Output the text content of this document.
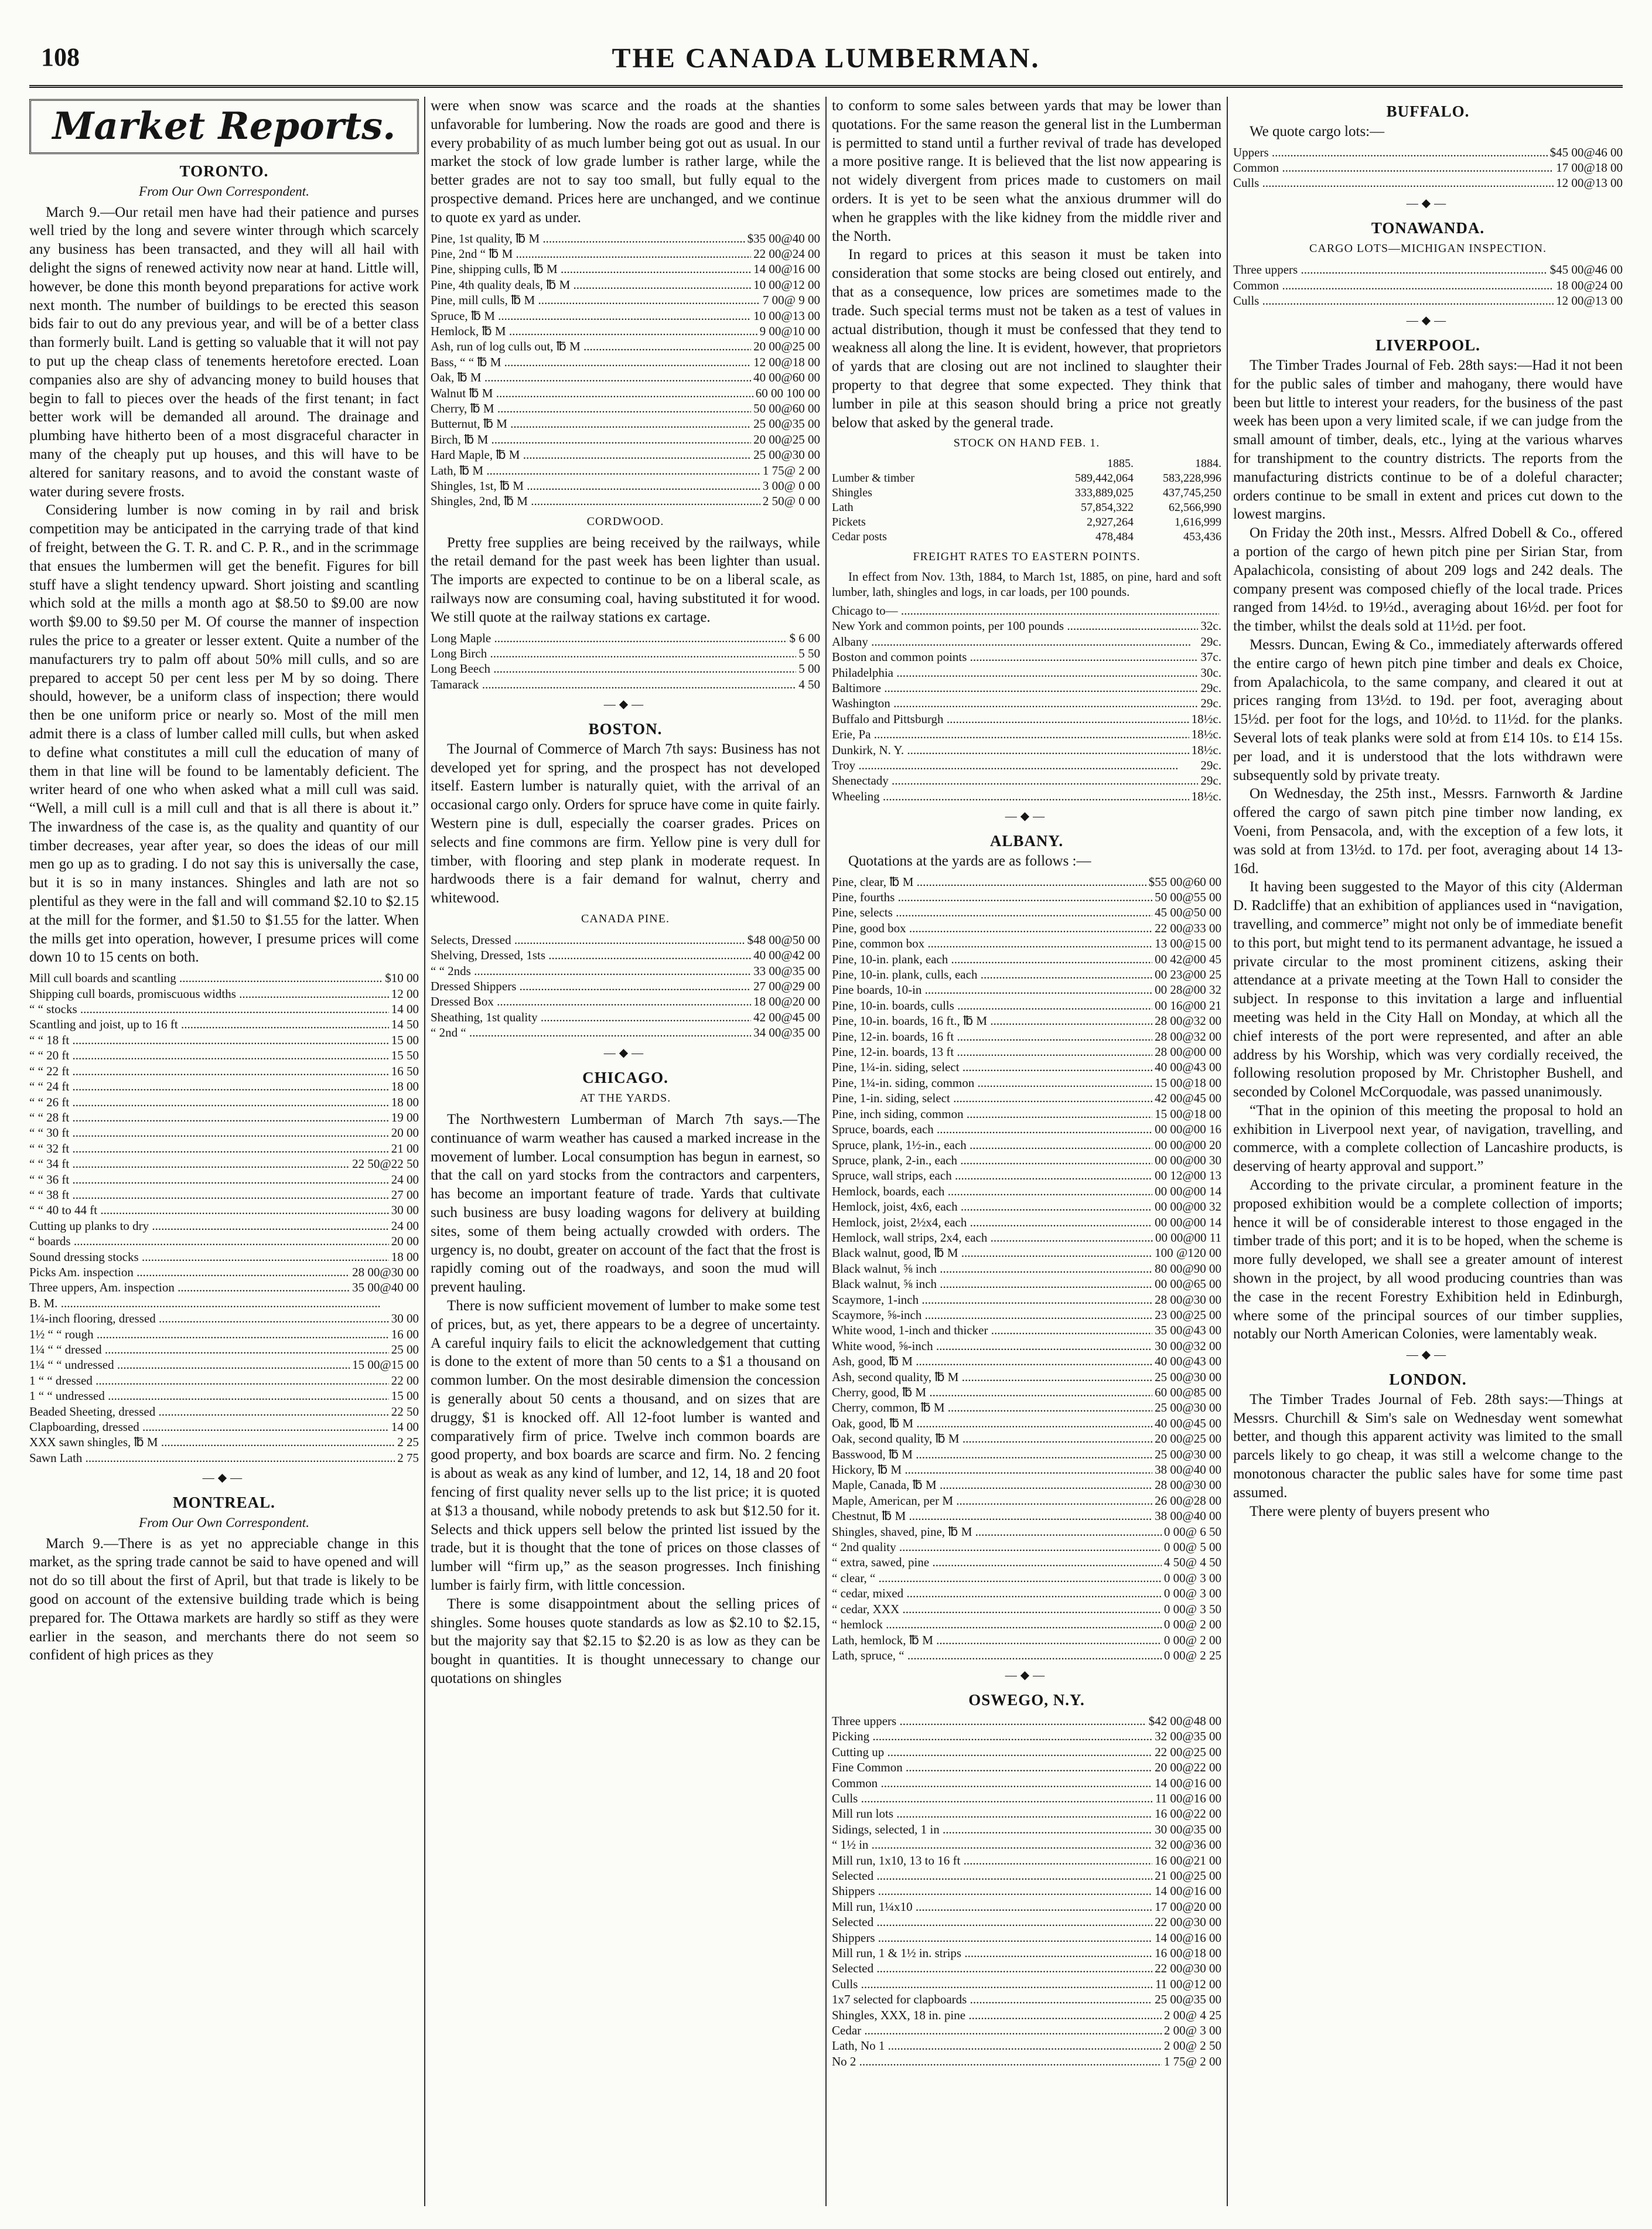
108	THE CANADA LUMBERMAN.
Market Reports.
TORONTO.
From Our Own Correspondent.

March 9.—Our retail men have had their patience and purses well tried by the long and severe winter through which scarcely any business has been transacted, and they will all hail with delight the signs of renewed activity now near at hand. Little will, however, be done this month beyond preparations for active work next month. The number of buildings to be erected this season bids fair to out do any previous year, and will be of a better class than formerly built. Land is getting so valuable that it will not pay to put up the cheap class of tenements heretofore erected. Loan companies also are shy of advancing money to build houses that begin to fall to pieces over the heads of the first tenant; in fact better work will be demanded all around. The drainage and plumbing have hitherto been of a most disgraceful character in many of the cheaply put up houses, and this will have to be altered for sanitary reasons, and to avoid the constant waste of water during severe frosts.

Considering lumber is now coming in by rail and brisk competition may be anticipated in the carrying trade of that kind of freight, between the G. T. R. and C. P. R., and in the scrimmage that ensues the lumbermen will get the benefit. Figures for bill stuff have a slight tendency upward. Short joisting and scantling which sold at the mills a month ago at $8.50 to $9.00 are now worth $9.00 to $9.50 per M. Of course the manner of inspection rules the price to a greater or lesser extent. Quite a number of the manufacturers try to palm off about 50% mill culls, and so are prepared to accept 50 per cent less per M by so doing. There should, however, be a uniform class of inspection; there would then be one uniform price or nearly so. Most of the mill men admit there is a class of lumber called mill culls, but when asked to define what constitutes a mill cull the education of many of them in that line will be found to be lamentably deficient. The writer heard of one who when asked what a mill cull was said. “Well, a mill cull is a mill cull and that is all there is about it.” The inwardness of the case is, as the quality and quantity of our timber decreases, year after year, so does the ideas of our mill men go up as to grading. I do not say this is universally the case, but it is so in many instances. Shingles and lath are not so plentiful as they were in the fall and will command $2.10 to $2.15 at the mill for the former, and $1.50 to $1.55 for the latter. When the mills get into operation, however, I presume prices will come down 10 to 15 cents on both.

Mill cull boards and scantling .....	$10 00
Shipping cull boards, promiscuous widths .....	12 00
“ “ stocks .....	14 00
Scantling and joist, up to 16 ft .....	14 50
“ “ 18 ft .....	15 00
“ “ 20 ft .....	15 50
“ “ 22 ft .....	16 50
“ “ 24 ft .....	18 00
“ “ 26 ft .....	18 00
“ “ 28 ft .....	19 00
“ “ 30 ft .....	20 00
“ “ 32 ft .....	21 00
“ “ 34 ft .....	22 50@22 50
“ “ 36 ft .....	24 00
“ “ 38 ft .....	27 00
“ “ 40 to 44 ft .....	30 00
Cutting up planks to dry .....	24 00
“ boards .....	20 00
Sound dressing stocks .....	18 00
Picks Am. inspection .....	28 00@30 00
Three uppers, Am. inspection .....	35 00@40 00
B. M. .....
1¼-inch flooring, dressed .....	30 00
1½ “ “ rough .....	16 00
1¼ “ “ dressed .....	25 00
1¼ “ “ undressed .....	15 00@15 00
1 “ “ dressed .....	22 00
1 “ “ undressed .....	15 00
Beaded Sheeting, dressed .....	22 50
Clapboarding, dressed .....	14 00
XXX sawn shingles, ℔ M .....	2 25
Sawn Lath .....	2 75
—◆—
MONTREAL.
From Our Own Correspondent.

March 9.—There is as yet no appreciable change in this market, as the spring trade cannot be said to have opened and will not do so till about the first of April, but that trade is likely to be good on account of the extensive building trade which is being prepared for. The Ottawa markets are hardly so stiff as they were earlier in the season, and merchants there do not seem so confident of high prices as they

were when snow was scarce and the roads at the shanties unfavorable for lumbering. Now the roads are good and there is every probability of as much lumber being got out as usual. In our market the stock of low grade lumber is rather large, while the better grades are not to say too small, but fully equal to the prospective demand. Prices here are unchanged, and we continue to quote ex yard as under.

Pine, 1st quality, ℔ M .....	$35 00@40 00
Pine, 2nd “ ℔ M .....	22 00@24 00
Pine, shipping culls, ℔ M .....	14 00@16 00
Pine, 4th quality deals, ℔ M .....	10 00@12 00
Pine, mill culls, ℔ M .....	7 00@ 9 00
Spruce, ℔ M .....	10 00@13 00
Hemlock, ℔ M .....	9 00@10 00
Ash, run of log culls out, ℔ M .....	20 00@25 00
Bass, “ “ ℔ M .....	12 00@18 00
Oak, ℔ M .....	40 00@60 00
Walnut ℔ M .....	60 00 100 00
Cherry, ℔ M .....	50 00@60 00
Butternut, ℔ M .....	25 00@35 00
Birch, ℔ M .....	20 00@25 00
Hard Maple, ℔ M .....	25 00@30 00
Lath, ℔ M .....	1 75@ 2 00
Shingles, 1st, ℔ M .....	3 00@ 0 00
Shingles, 2nd, ℔ M .....	2 50@ 0 00
CORDWOOD.

Pretty free supplies are being received by the railways, while the retail demand for the past week has been lighter than usual. The imports are expected to continue to be on a liberal scale, as railways now are consuming coal, having substituted it for wood. We still quote at the railway stations ex cartage.

Long Maple .....	$ 6 00
Long Birch .....	5 50
Long Beech .....	5 00
Tamarack .....	4 50
—◆—
BOSTON.

The Journal of Commerce of March 7th says: Business has not developed yet for spring, and the prospect has not developed itself. Eastern lumber is naturally quiet, with the arrival of an occasional cargo only. Orders for spruce have come in quite fairly. Western pine is dull, especially the coarser grades. Prices on selects and fine commons are firm. Yellow pine is very dull for timber, with flooring and step plank in moderate request. In hardwoods there is a fair demand for walnut, cherry and whitewood.

CANADA PINE.
Selects, Dressed .....	$48 00@50 00
Shelving, Dressed, 1sts .....	40 00@42 00
“ “ 2nds .....	33 00@35 00
Dressed Shippers .....	27 00@29 00
Dressed Box .....	18 00@20 00
Sheathing, 1st quality .....	42 00@45 00
“ 2nd “ .....	34 00@35 00
—◆—
CHICAGO.
AT THE YARDS.

The Northwestern Lumberman of March 7th says.—The continuance of warm weather has caused a marked increase in the movement of lumber. Local consumption has begun in earnest, so that the call on yard stocks from the contractors and carpenters, has become an important feature of trade. Yards that cultivate such business are busy loading wagons for delivery at building sites, some of them being actually crowded with orders. The urgency is, no doubt, greater on account of the fact that the frost is rapidly coming out of the roadways, and soon the mud will prevent hauling.

There is now sufficient movement of lumber to make some test of prices, but, as yet, there appears to be a degree of uncertainty. A careful inquiry fails to elicit the acknowledgement that cutting is done to the extent of more than 50 cents to a $1 a thousand on common lumber. On the most desirable dimension the concession is generally about 50 cents a thousand, and on sizes that are druggy, $1 is knocked off. All 12-foot lumber is wanted and comparatively firm of price. Twelve inch common boards are good property, and box boards are scarce and firm. No. 2 fencing is about as weak as any kind of lumber, and 12, 14, 18 and 20 foot fencing of first quality never sells up to the list price; it is quoted at $13 a thousand, while nobody pretends to ask but $12.50 for it. Selects and thick uppers sell below the printed list issued by the trade, but it is thought that the tone of prices on those classes of lumber will “firm up,” as the season progresses. Inch finishing lumber is fairly firm, with little concession.

There is some disappointment about the selling prices of shingles. Some houses quote standards as low as $2.10 to $2.15, but the majority say that $2.15 to $2.20 is as low as they can be bought in quantities. It is thought unnecessary to change our quotations on shingles

to conform to some sales between yards that may be lower than quotations. For the same reason the general list in the Lumberman is permitted to stand until a further revival of trade has developed a more positive range. It is believed that the list now appearing is not widely divergent from prices made to customers on mail orders. It is yet to be seen what the anxious drummer will do when he grapples with the like kidney from the middle river and the North.

In regard to prices at this season it must be taken into consideration that some stocks are being closed out entirely, and that as a consequence, low prices are sometimes made to the trade. Such special terms must not be taken as a test of values in actual distribution, though it must be confessed that they tend to weakness all along the line. It is evident, however, that proprietors of yards that are closing out are not inclined to slaughter their property to that degree that some expected. They think that lumber in pile at this season should bring a price not greatly below that asked by the general trade.

STOCK ON HAND FEB. 1.
1885.	1884.
Lumber & timber	589,442,064	583,228,996
Shingles	333,889,025	437,745,250
Lath	57,854,322	62,566,990
Pickets	2,927,264	1,616,999
Cedar posts	478,484	453,436
FREIGHT RATES TO EASTERN POINTS.

In effect from Nov. 13th, 1884, to March 1st, 1885, on pine, hard and soft lumber, lath, shingles and logs, in car loads, per 100 pounds.

Chicago to— .....
New York and common points, per 100 pounds .....	32c.
Albany .....	29c.
Boston and common points .....	37c.
Philadelphia .....	30c.
Baltimore .....	29c.
Washington .....	29c.
Buffalo and Pittsburgh .....	18½c.
Erie, Pa .....	18½c.
Dunkirk, N. Y. .....	18½c.
Troy .....	29c.
Shenectady .....	29c.
Wheeling .....	18½c.
—◆—
ALBANY.

Quotations at the yards are as follows :—

Pine, clear, ℔ M .....	$55 00@60 00
Pine, fourths .....	50 00@55 00
Pine, selects .....	45 00@50 00
Pine, good box .....	22 00@33 00
Pine, common box .....	13 00@15 00
Pine, 10-in. plank, each .....	00 42@00 45
Pine, 10-in. plank, culls, each .....	00 23@00 25
Pine boards, 10-in .....	00 28@00 32
Pine, 10-in. boards, culls .....	00 16@00 21
Pine, 10-in. boards, 16 ft., ℔ M .....	28 00@32 00
Pine, 12-in. boards, 16 ft .....	28 00@32 00
Pine, 12-in. boards, 13 ft .....	28 00@00 00
Pine, 1¼-in. siding, select .....	40 00@43 00
Pine, 1¼-in. siding, common .....	15 00@18 00
Pine, 1-in. siding, select .....	42 00@45 00
Pine, inch siding, common .....	15 00@18 00
Spruce, boards, each .....	00 00@00 16
Spruce, plank, 1½-in., each .....	00 00@00 20
Spruce, plank, 2-in., each .....	00 00@00 30
Spruce, wall strips, each .....	00 12@00 13
Hemlock, boards, each .....	00 00@00 14
Hemlock, joist, 4x6, each .....	00 00@00 32
Hemlock, joist, 2½x4, each .....	00 00@00 14
Hemlock, wall strips, 2x4, each .....	00 00@00 11
Black walnut, good, ℔ M .....	100 @120 00
Black walnut, ⅝ inch .....	80 00@90 00
Black walnut, ⅝ inch .....	00 00@65 00
Scaymore, 1-inch .....	28 00@30 00
Scaymore, ⅝-inch .....	23 00@25 00
White wood, 1-inch and thicker .....	35 00@43 00
White wood, ⅝-inch .....	30 00@32 00
Ash, good, ℔ M .....	40 00@43 00
Ash, second quality, ℔ M .....	25 00@30 00
Cherry, good, ℔ M .....	60 00@85 00
Cherry, common, ℔ M .....	25 00@30 00
Oak, good, ℔ M .....	40 00@45 00
Oak, second quality, ℔ M .....	20 00@25 00
Basswood, ℔ M .....	25 00@30 00
Hickory, ℔ M .....	38 00@40 00
Maple, Canada, ℔ M .....	28 00@30 00
Maple, American, per M .....	26 00@28 00
Chestnut, ℔ M .....	38 00@40 00
Shingles, shaved, pine, ℔ M .....	0 00@ 6 50
“ 2nd quality .....	0 00@ 5 00
“ extra, sawed, pine .....	4 50@ 4 50
“ clear, “ .....	0 00@ 3 00
“ cedar, mixed .....	0 00@ 3 00
“ cedar, XXX .....	0 00@ 3 50
“ hemlock .....	0 00@ 2 00
Lath, hemlock, ℔ M .....	0 00@ 2 00
Lath, spruce, “ .....	0 00@ 2 25
—◆—
OSWEGO, N.Y.
Three uppers .....	$42 00@48 00
Picking .....	32 00@35 00
Cutting up .....	22 00@25 00
Fine Common .....	20 00@22 00
Common .....	14 00@16 00
Culls .....	11 00@16 00
Mill run lots .....	16 00@22 00
Sidings, selected, 1 in .....	30 00@35 00
“ 1½ in .....	32 00@36 00
Mill run, 1x10, 13 to 16 ft .....	16 00@21 00
Selected .....	21 00@25 00
Shippers .....	14 00@16 00
Mill run, 1¼x10 .....	17 00@20 00
Selected .....	22 00@30 00
Shippers .....	14 00@16 00
Mill run, 1 & 1½ in. strips .....	16 00@18 00
Selected .....	22 00@30 00
Culls .....	11 00@12 00
1x7 selected for clapboards .....	25 00@35 00
Shingles, XXX, 18 in. pine .....	2 00@ 4 25
Cedar .....	2 00@ 3 00
Lath, No 1 .....	2 00@ 2 50
No 2 .....	1 75@ 2 00
BUFFALO.

We quote cargo lots:—

Uppers .....	$45 00@46 00
Common .....	17 00@18 00
Culls .....	12 00@13 00
—◆—
TONAWANDA.
CARGO LOTS—MICHIGAN INSPECTION.
Three uppers .....	$45 00@46 00
Common .....	18 00@24 00
Culls .....	12 00@13 00
—◆—
LIVERPOOL.

The Timber Trades Journal of Feb. 28th says:—Had it not been for the public sales of timber and mahogany, there would have been but little to interest your readers, for the business of the past week has been upon a very limited scale, if we can judge from the small amount of timber, deals, etc., lying at the various wharves for transhipment to the country districts. The reports from the manufacturing districts continue to be of a doleful character; orders continue to be small in extent and prices cut down to the lowest margins.

On Friday the 20th inst., Messrs. Alfred Dobell & Co., offered a portion of the cargo of hewn pitch pine per Sirian Star, from Apalachicola, consisting of about 209 logs and 242 deals. The company present was composed chiefly of the local trade. Prices ranged from 14½d. to 19½d., averaging about 16½d. per foot for the timber, whilst the deals sold at 11½d. per foot.

Messrs. Duncan, Ewing & Co., immediately afterwards offered the entire cargo of hewn pitch pine timber and deals ex Choice, from Apalachicola, to the same company, and cleared it out at prices ranging from 13½d. to 19d. per foot, averaging about 15½d. per foot for the logs, and 10½d. to 11½d. for the planks. Several lots of teak planks were sold at from £14 10s. to £14 15s. per load, and it is understood that the lots withdrawn were subsequently sold by private treaty.

On Wednesday, the 25th inst., Messrs. Farnworth & Jardine offered the cargo of sawn pitch pine timber now landing, ex Voeni, from Pensacola, and, with the exception of a few lots, it was sold at from 13½d. to 17d. per foot, averaging about 14 13-16d.

It having been suggested to the Mayor of this city (Alderman D. Radcliffe) that an exhibition of appliances used in “navigation, travelling, and commerce” might not only be of immediate benefit to this port, but might tend to its permanent advantage, he issued a private circular to the most prominent citizens, asking their attendance at a private meeting at the Town Hall to consider the subject. In response to this invitation a large and influential meeting was held in the City Hall on Monday, at which all the chief interests of the port were represented, and after an able address by his Worship, which was very cordially received, the following resolution proposed by Mr. Christopher Bushell, and seconded by Colonel McCorquodale, was passed unanimously.

“That in the opinion of this meeting the proposal to hold an exhibition in Liverpool next year, of navigation, travelling, and commerce, with a complete collection of Lancashire products, is deserving of hearty approval and support.”

According to the private circular, a prominent feature in the proposed exhibition would be a complete collection of imports; hence it will be of considerable interest to those engaged in the timber trade of this port; and it is to be hoped, when the scheme is more fully developed, we shall see a greater amount of interest shown in the project, by all wood producing countries than was the case in the recent Forestry Exhibition held in Edinburgh, where some of the principal sources of our timber supplies, notably our North American Colonies, were lamentably weak.

—◆—
LONDON.

The Timber Trades Journal of Feb. 28th says:—Things at Messrs. Churchill & Sim's sale on Wednesday went somewhat better, and though this apparent activity was limited to the small parcels likely to go cheap, it was still a welcome change to the monotonous character the public sales have for some time past assumed.

There were plenty of buyers present who
